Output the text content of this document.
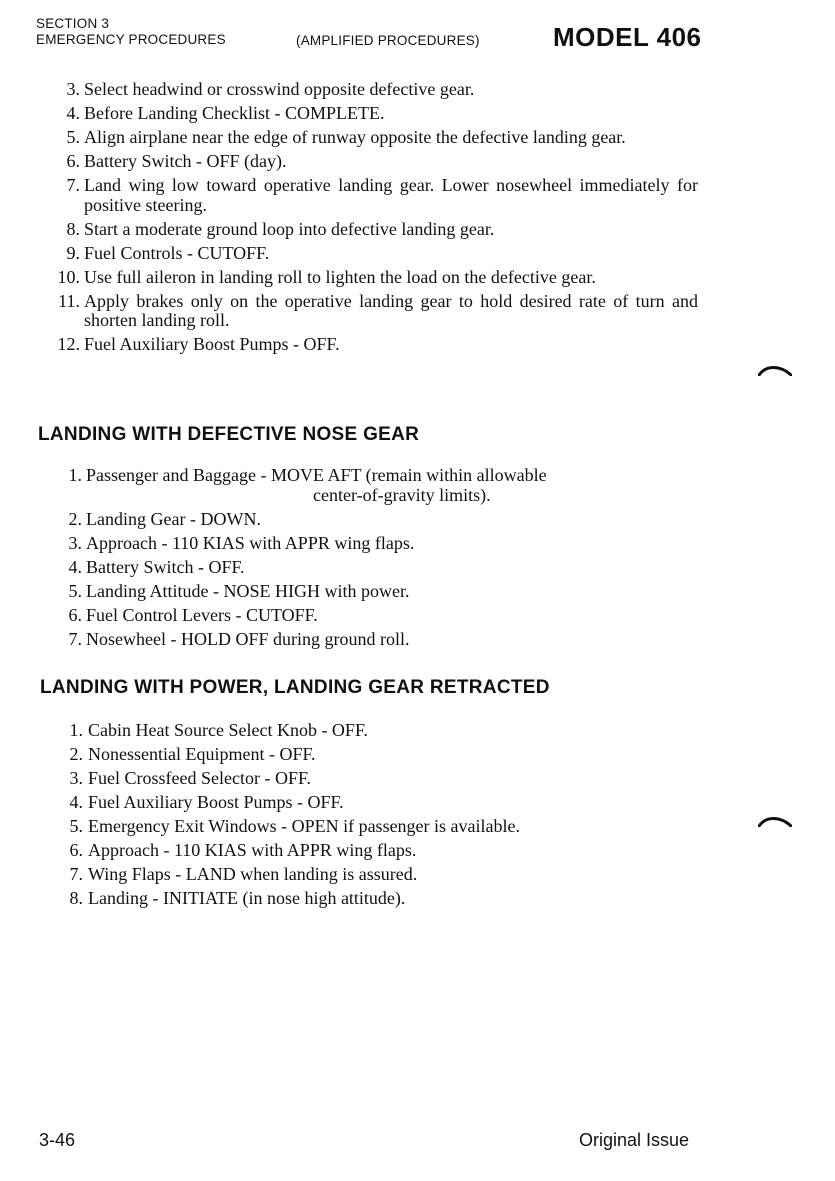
SECTION 3
EMERGENCY PROCEDURES	(AMPLIFIED PROCEDURES)	MODEL 406
3. Select headwind or crosswind opposite defective gear.
4. Before Landing Checklist - COMPLETE.
5. Align airplane near the edge of runway opposite the defective landing gear.
6. Battery Switch - OFF (day).
7. Land wing low toward operative landing gear. Lower nosewheel immediately for positive steering.
8. Start a moderate ground loop into defective landing gear.
9. Fuel Controls - CUTOFF.
10. Use full aileron in landing roll to lighten the load on the defective gear.
11. Apply brakes only on the operative landing gear to hold desired rate of turn and shorten landing roll.
12. Fuel Auxiliary Boost Pumps - OFF.
LANDING WITH DEFECTIVE NOSE GEAR
1. Passenger and Baggage - MOVE AFT (remain within allowable
center-of-gravity limits).
2. Landing Gear - DOWN.
3. Approach - 110 KIAS with APPR wing flaps.
4. Battery Switch - OFF.
5. Landing Attitude - NOSE HIGH with power.
6. Fuel Control Levers - CUTOFF.
7. Nosewheel - HOLD OFF during ground roll.
LANDING WITH POWER, LANDING GEAR RETRACTED
1. Cabin Heat Source Select Knob - OFF.
2. Nonessential Equipment - OFF.
3. Fuel Crossfeed Selector - OFF.
4. Fuel Auxiliary Boost Pumps - OFF.
5. Emergency Exit Windows - OPEN if passenger is available.
6. Approach - 110 KIAS with APPR wing flaps.
7. Wing Flaps - LAND when landing is assured.
8. Landing - INITIATE (in nose high attitude).
3-46	Original Issue
